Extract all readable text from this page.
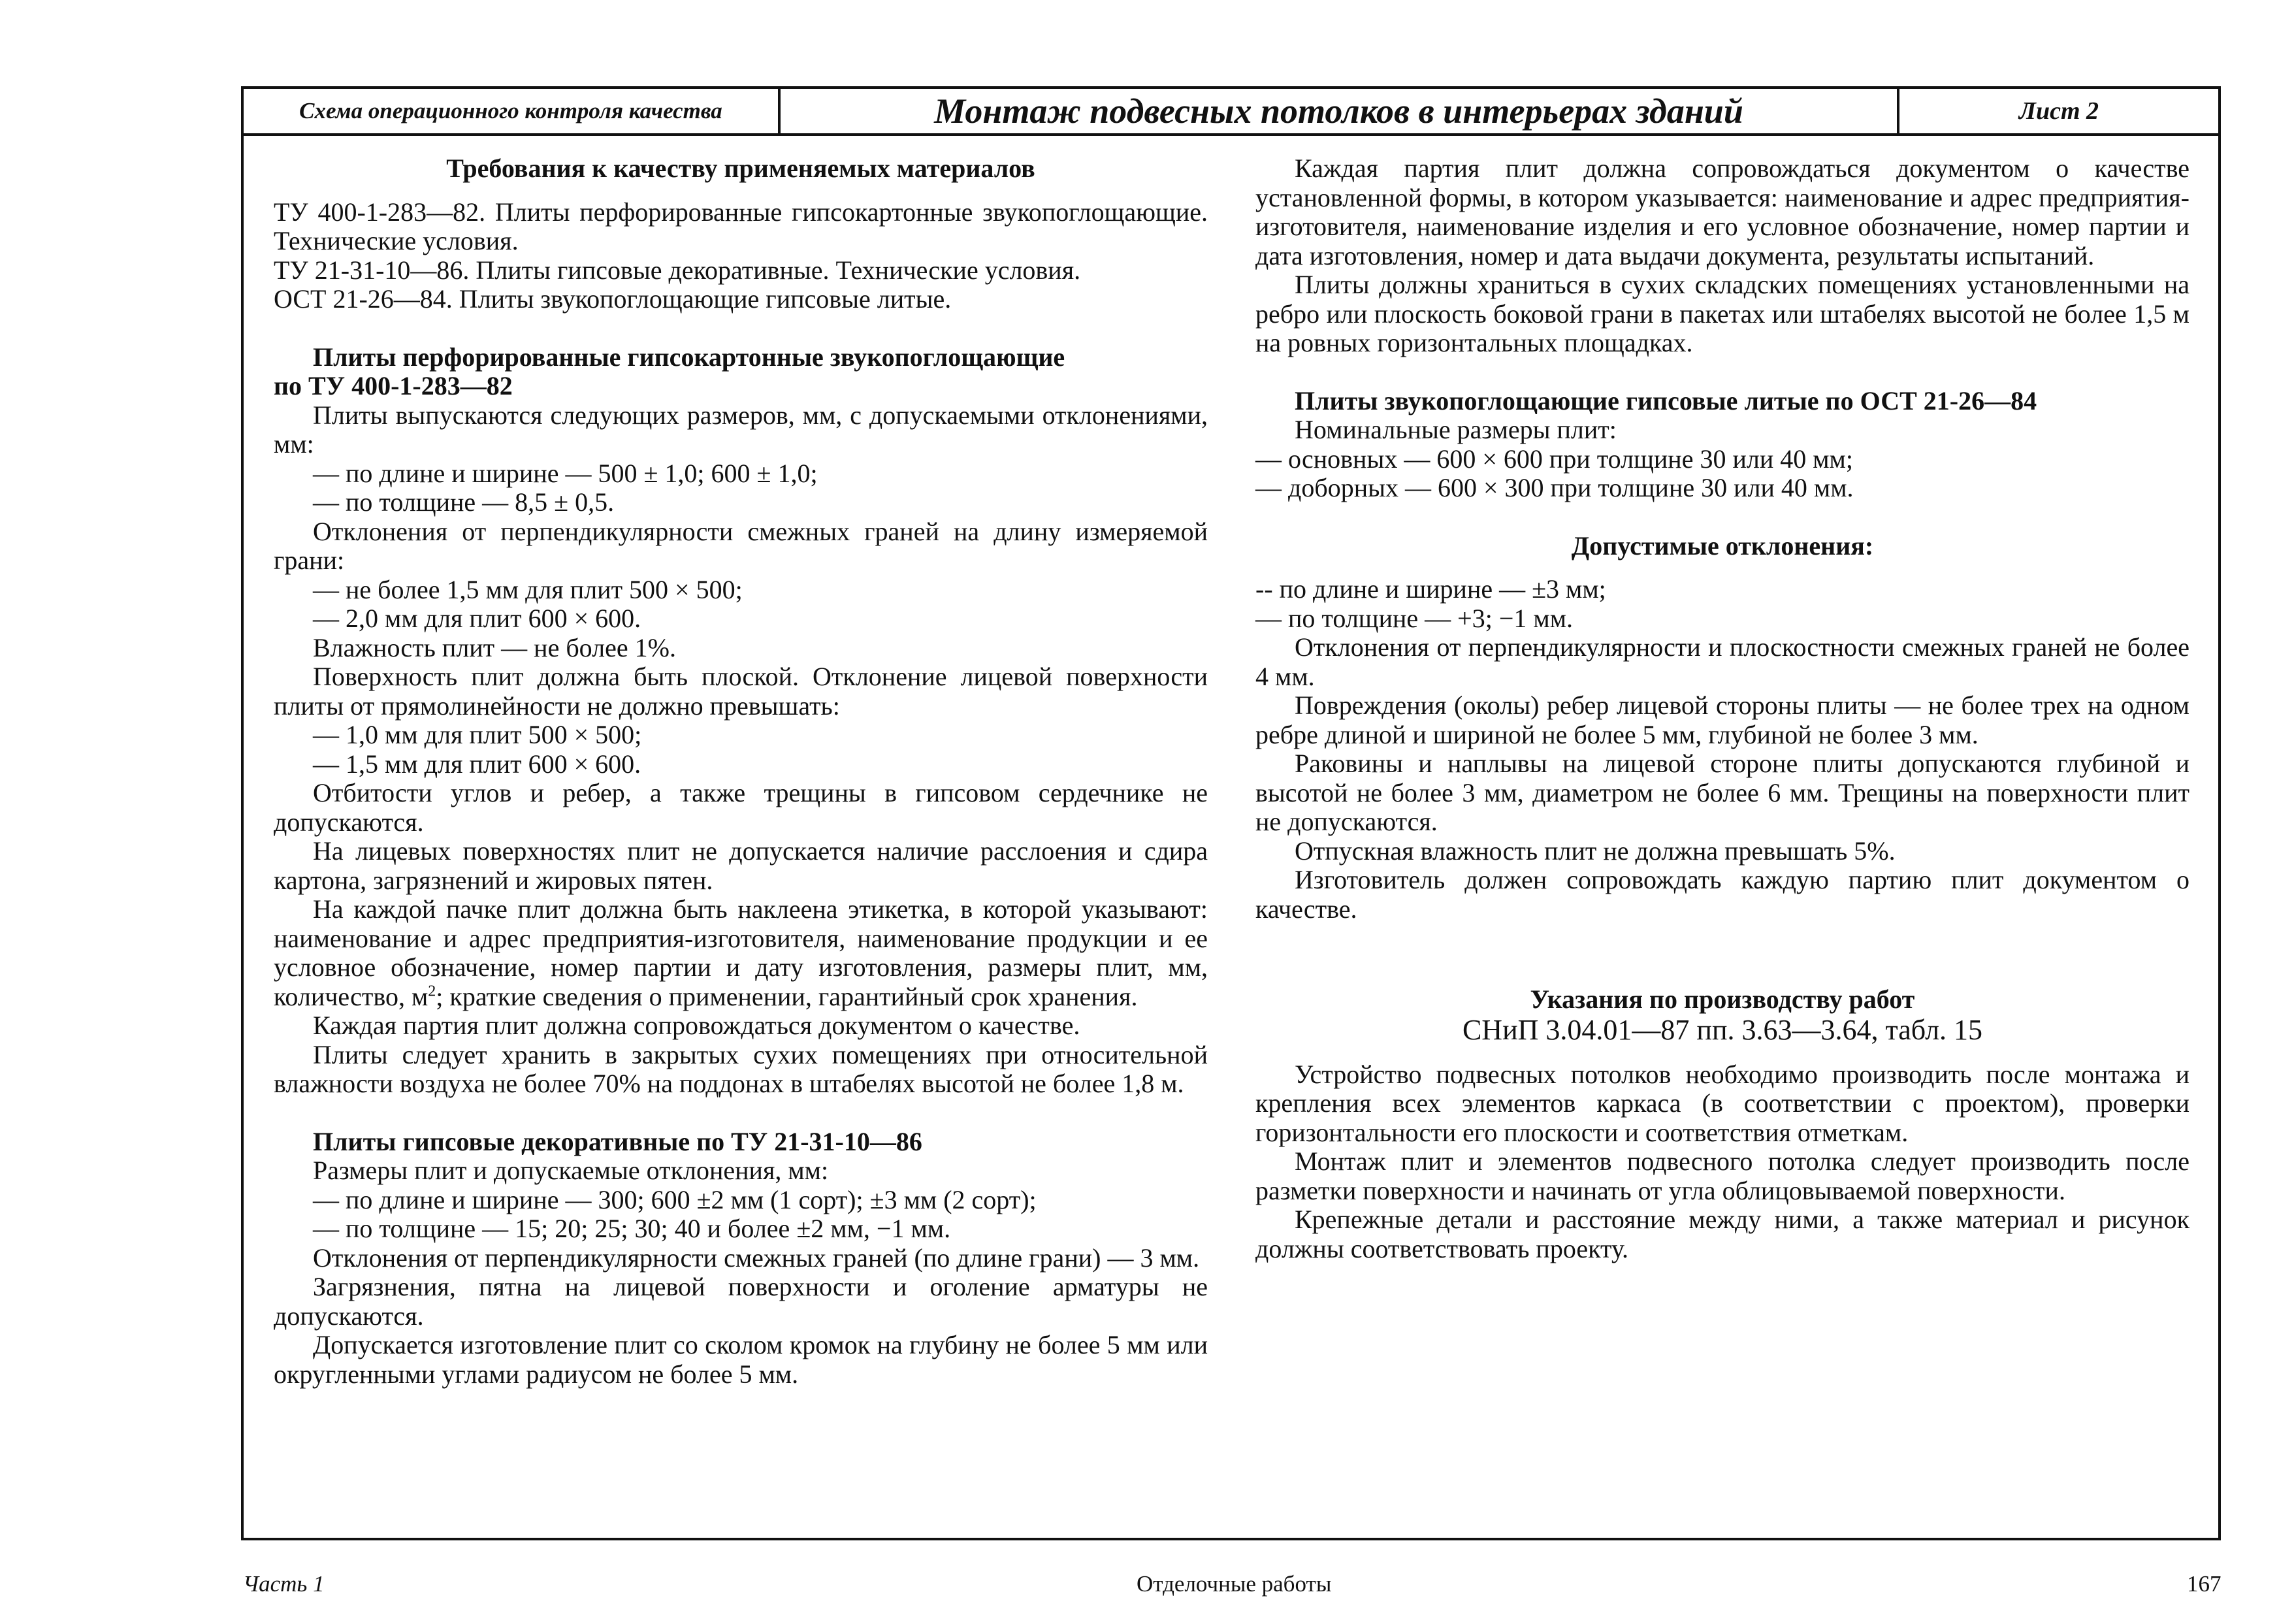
Схема операционного контроля качества	Монтаж подвесных потолков в интерьерах зданий	Лист 2

Требования к качеству применяемых материалов

ТУ 400-1-283—82. Плиты перфорированные гипсокартонные звукопоглощающие. Технические условия.

ТУ 21-31-10—86. Плиты гипсовые декоративные. Технические условия.

ОСТ 21-26—84. Плиты звукопоглощающие гипсовые литые.

Плиты перфорированные гипсокартонные звукопоглощающие

по ТУ 400-1-283—82

Плиты выпускаются следующих размеров, мм, с допускаемыми отклонениями, мм:

— по длине и ширине — 500 ± 1,0; 600 ± 1,0;

— по толщине — 8,5 ± 0,5.

Отклонения от перпендикулярности смежных граней на длину измеряемой грани:

— не более 1,5 мм для плит 500 × 500;

— 2,0 мм для плит 600 × 600.

Влажность плит — не более 1%.

Поверхность плит должна быть плоской. Отклонение лицевой поверхности плиты от прямолинейности не должно превышать:

— 1,0 мм для плит 500 × 500;

— 1,5 мм для плит 600 × 600.

Отбитости углов и ребер, а также трещины в гипсовом сердечнике не допускаются.

На лицевых поверхностях плит не допускается наличие расслоения и сдира картона, загрязнений и жировых пятен.

На каждой пачке плит должна быть наклеена этикетка, в которой указывают: наименование и адрес предприятия-изготовителя, наименование продукции и ее условное обозначение, номер партии и дату изготовления, размеры плит, мм, количество, $м^2$; краткие сведения о применении, гарантийный срок хранения.

Каждая партия плит должна сопровождаться документом о качестве.

Плиты следует хранить в закрытых сухих помещениях при относительной влажности воздуха не более 70% на поддонах в штабелях высотой не более 1,8 м.

Плиты гипсовые декоративные по ТУ 21-31-10—86

Размеры плит и допускаемые отклонения, мм:

— по длине и ширине — 300; 600 ±2 мм (1 сорт); ±3 мм (2 сорт);

— по толщине — 15; 20; 25; 30; 40 и более ±2 мм, −1 мм.

Отклонения от перпендикулярности смежных граней (по длине грани) — 3 мм.

Загрязнения, пятна на лицевой поверхности и оголение арматуры не допускаются.

Допускается изготовление плит со сколом кромок на глубину не более 5 мм или округленными углами радиусом не более 5 мм.

Каждая партия плит должна сопровождаться документом о качестве установленной формы, в котором указывается: наименование и адрес предприятия-изготовителя, наименование изделия и его условное обозначение, номер партии и дата изготовления, номер и дата выдачи документа, результаты испытаний.

Плиты должны храниться в сухих складских помещениях установленными на ребро или плоскость боковой грани в пакетах или штабелях высотой не более 1,5 м на ровных горизонтальных площадках.

Плиты звукопоглощающие гипсовые литые по ОСТ 21-26—84

Номинальные размеры плит:

— основных — 600 × 600 при толщине 30 или 40 мм;

— доборных — 600 × 300 при толщине 30 или 40 мм.

Допустимые отклонения:

-- по длине и ширине — ±3 мм;

— по толщине — +3; −1 мм.

Отклонения от перпендикулярности и плоскостности смежных граней не более 4 мм.

Повреждения (околы) ребер лицевой стороны плиты — не более трех на одном ребре длиной и шириной не более 5 мм, глубиной не более 3 мм.

Раковины и наплывы на лицевой стороне плиты допускаются глубиной и высотой не более 3 мм, диаметром не более 6 мм. Трещины на поверхности плит не допускаются.

Отпускная влажность плит не должна превышать 5%.

Изготовитель должен сопровождать каждую партию плит документом о качестве.

Указания по производству работ

СНиП 3.04.01—87 пп. 3.63—3.64, табл. 15

Устройство подвесных потолков необходимо производить после монтажа и крепления всех элементов каркаса (в соответствии с проектом), проверки горизонтальности его плоскости и соответствия отметкам.

Монтаж плит и элементов подвесного потолка следует производить после разметки поверхности и начинать от угла облицовываемой поверхности.

Крепежные детали и расстояние между ними, а также материал и рисунок должны соответствовать проекту.

Часть 1	Отделочные работы	167
